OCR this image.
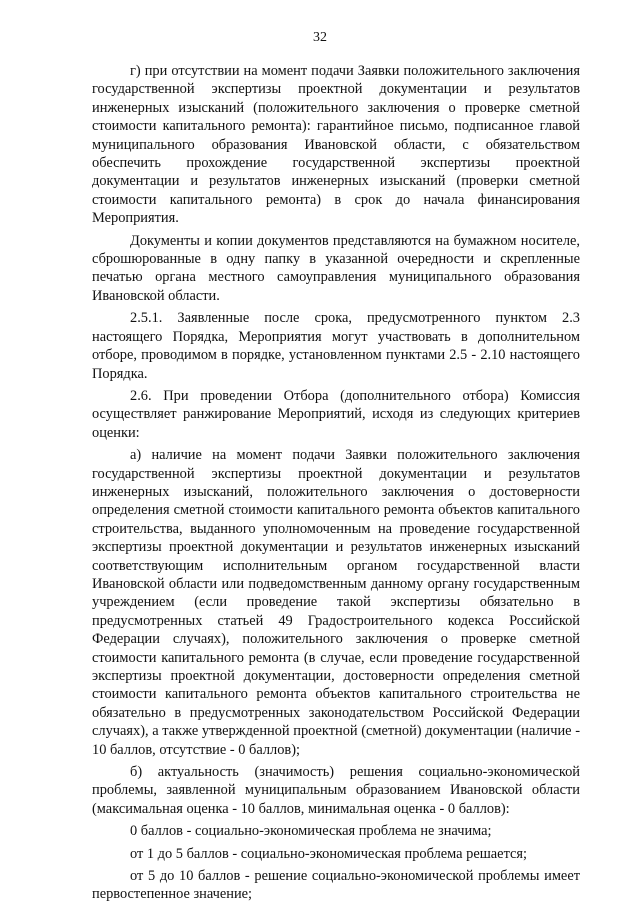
32

г) при отсутствии на момент подачи Заявки положительного заключения государственной экспертизы проектной документации и результатов инженерных изысканий (положительного заключения о проверке сметной стоимости капитального ремонта): гарантийное письмо, подписанное главой муниципального образования Ивановской области, с обязательством обеспечить прохождение государственной экспертизы проектной документации и результатов инженерных изысканий (проверки сметной стоимости капитального ремонта) в срок до начала финансирования Мероприятия.

Документы и копии документов представляются на бумажном носителе, сброшюрованные в одну папку в указанной очередности и скрепленные печатью органа местного самоуправления муниципального образования Ивановской области.

2.5.1. Заявленные после срока, предусмотренного пунктом 2.3 настоящего Порядка, Мероприятия могут участвовать в дополнительном отборе, проводимом в порядке, установленном пунктами 2.5 - 2.10 настоящего Порядка.

2.6. При проведении Отбора (дополнительного отбора) Комиссия осуществляет ранжирование Мероприятий, исходя из следующих критериев оценки:

а) наличие на момент подачи Заявки положительного заключения государственной экспертизы проектной документации и результатов инженерных изысканий, положительного заключения о достоверности определения сметной стоимости капитального ремонта объектов капитального строительства, выданного уполномоченным на проведение государственной экспертизы проектной документации и результатов инженерных изысканий соответствующим исполнительным органом государственной власти Ивановской области или подведомственным данному органу государственным учреждением (если проведение такой экспертизы обязательно в предусмотренных статьей 49 Градостроительного кодекса Российской Федерации случаях), положительного заключения о проверке сметной стоимости капитального ремонта (в случае, если проведение государственной экспертизы проектной документации, достоверности определения сметной стоимости капитального ремонта объектов капитального строительства не обязательно в предусмотренных законодательством Российской Федерации случаях), а также утвержденной проектной (сметной) документации (наличие - 10 баллов, отсутствие - 0 баллов);

б) актуальность (значимость) решения социально-экономической проблемы, заявленной муниципальным образованием Ивановской области (максимальная оценка - 10 баллов, минимальная оценка - 0 баллов):

0 баллов - социально-экономическая проблема не значима;

от 1 до 5 баллов - социально-экономическая проблема решается;

от 5 до 10 баллов - решение социально-экономической проблемы имеет первостепенное значение;
